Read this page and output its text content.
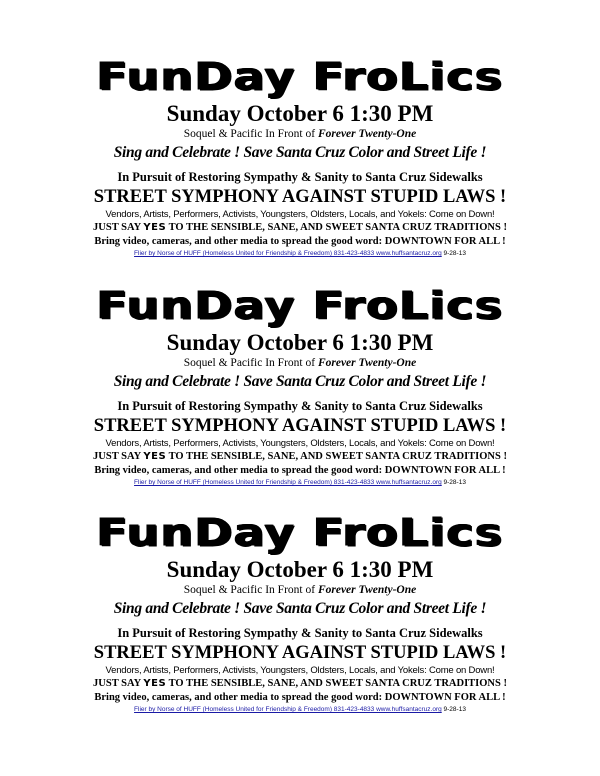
FunDay FroLics
Sunday October 6 1:30 PM
Soquel & Pacific In Front of Forever Twenty-One
Sing and Celebrate ! Save Santa Cruz Color and Street Life !
In Pursuit of Restoring Sympathy & Sanity to Santa Cruz Sidewalks
STREET SYMPHONY AGAINST STUPID LAWS !
Vendors, Artists, Performers, Activists, Youngsters, Oldsters, Locals, and Yokels: Come on Down!
JUST SAY YES TO THE SENSIBLE, SANE, AND SWEET SANTA CRUZ TRADITIONS !
Bring video, cameras, and other media to spread the good word: DOWNTOWN FOR ALL !
Flier by Norse of HUFF (Homeless United for Friendship & Freedom) 831-423-4833 www.huffsantacruz.org 9-28-13
FunDay FroLics
Sunday October 6 1:30 PM
Soquel & Pacific In Front of Forever Twenty-One
Sing and Celebrate ! Save Santa Cruz Color and Street Life !
In Pursuit of Restoring Sympathy & Sanity to Santa Cruz Sidewalks
STREET SYMPHONY AGAINST STUPID LAWS !
Vendors, Artists, Performers, Activists, Youngsters, Oldsters, Locals, and Yokels: Come on Down!
JUST SAY YES TO THE SENSIBLE, SANE, AND SWEET SANTA CRUZ TRADITIONS !
Bring video, cameras, and other media to spread the good word: DOWNTOWN FOR ALL !
Flier by Norse of HUFF (Homeless United for Friendship & Freedom) 831-423-4833 www.huffsantacruz.org 9-28-13
FunDay FroLics
Sunday October 6 1:30 PM
Soquel & Pacific In Front of Forever Twenty-One
Sing and Celebrate ! Save Santa Cruz Color and Street Life !
In Pursuit of Restoring Sympathy & Sanity to Santa Cruz Sidewalks
STREET SYMPHONY AGAINST STUPID LAWS !
Vendors, Artists, Performers, Activists, Youngsters, Oldsters, Locals, and Yokels: Come on Down!
JUST SAY YES TO THE SENSIBLE, SANE, AND SWEET SANTA CRUZ TRADITIONS !
Bring video, cameras, and other media to spread the good word: DOWNTOWN FOR ALL !
Flier by Norse of HUFF (Homeless United for Friendship & Freedom) 831-423-4833 www.huffsantacruz.org 9-28-13
